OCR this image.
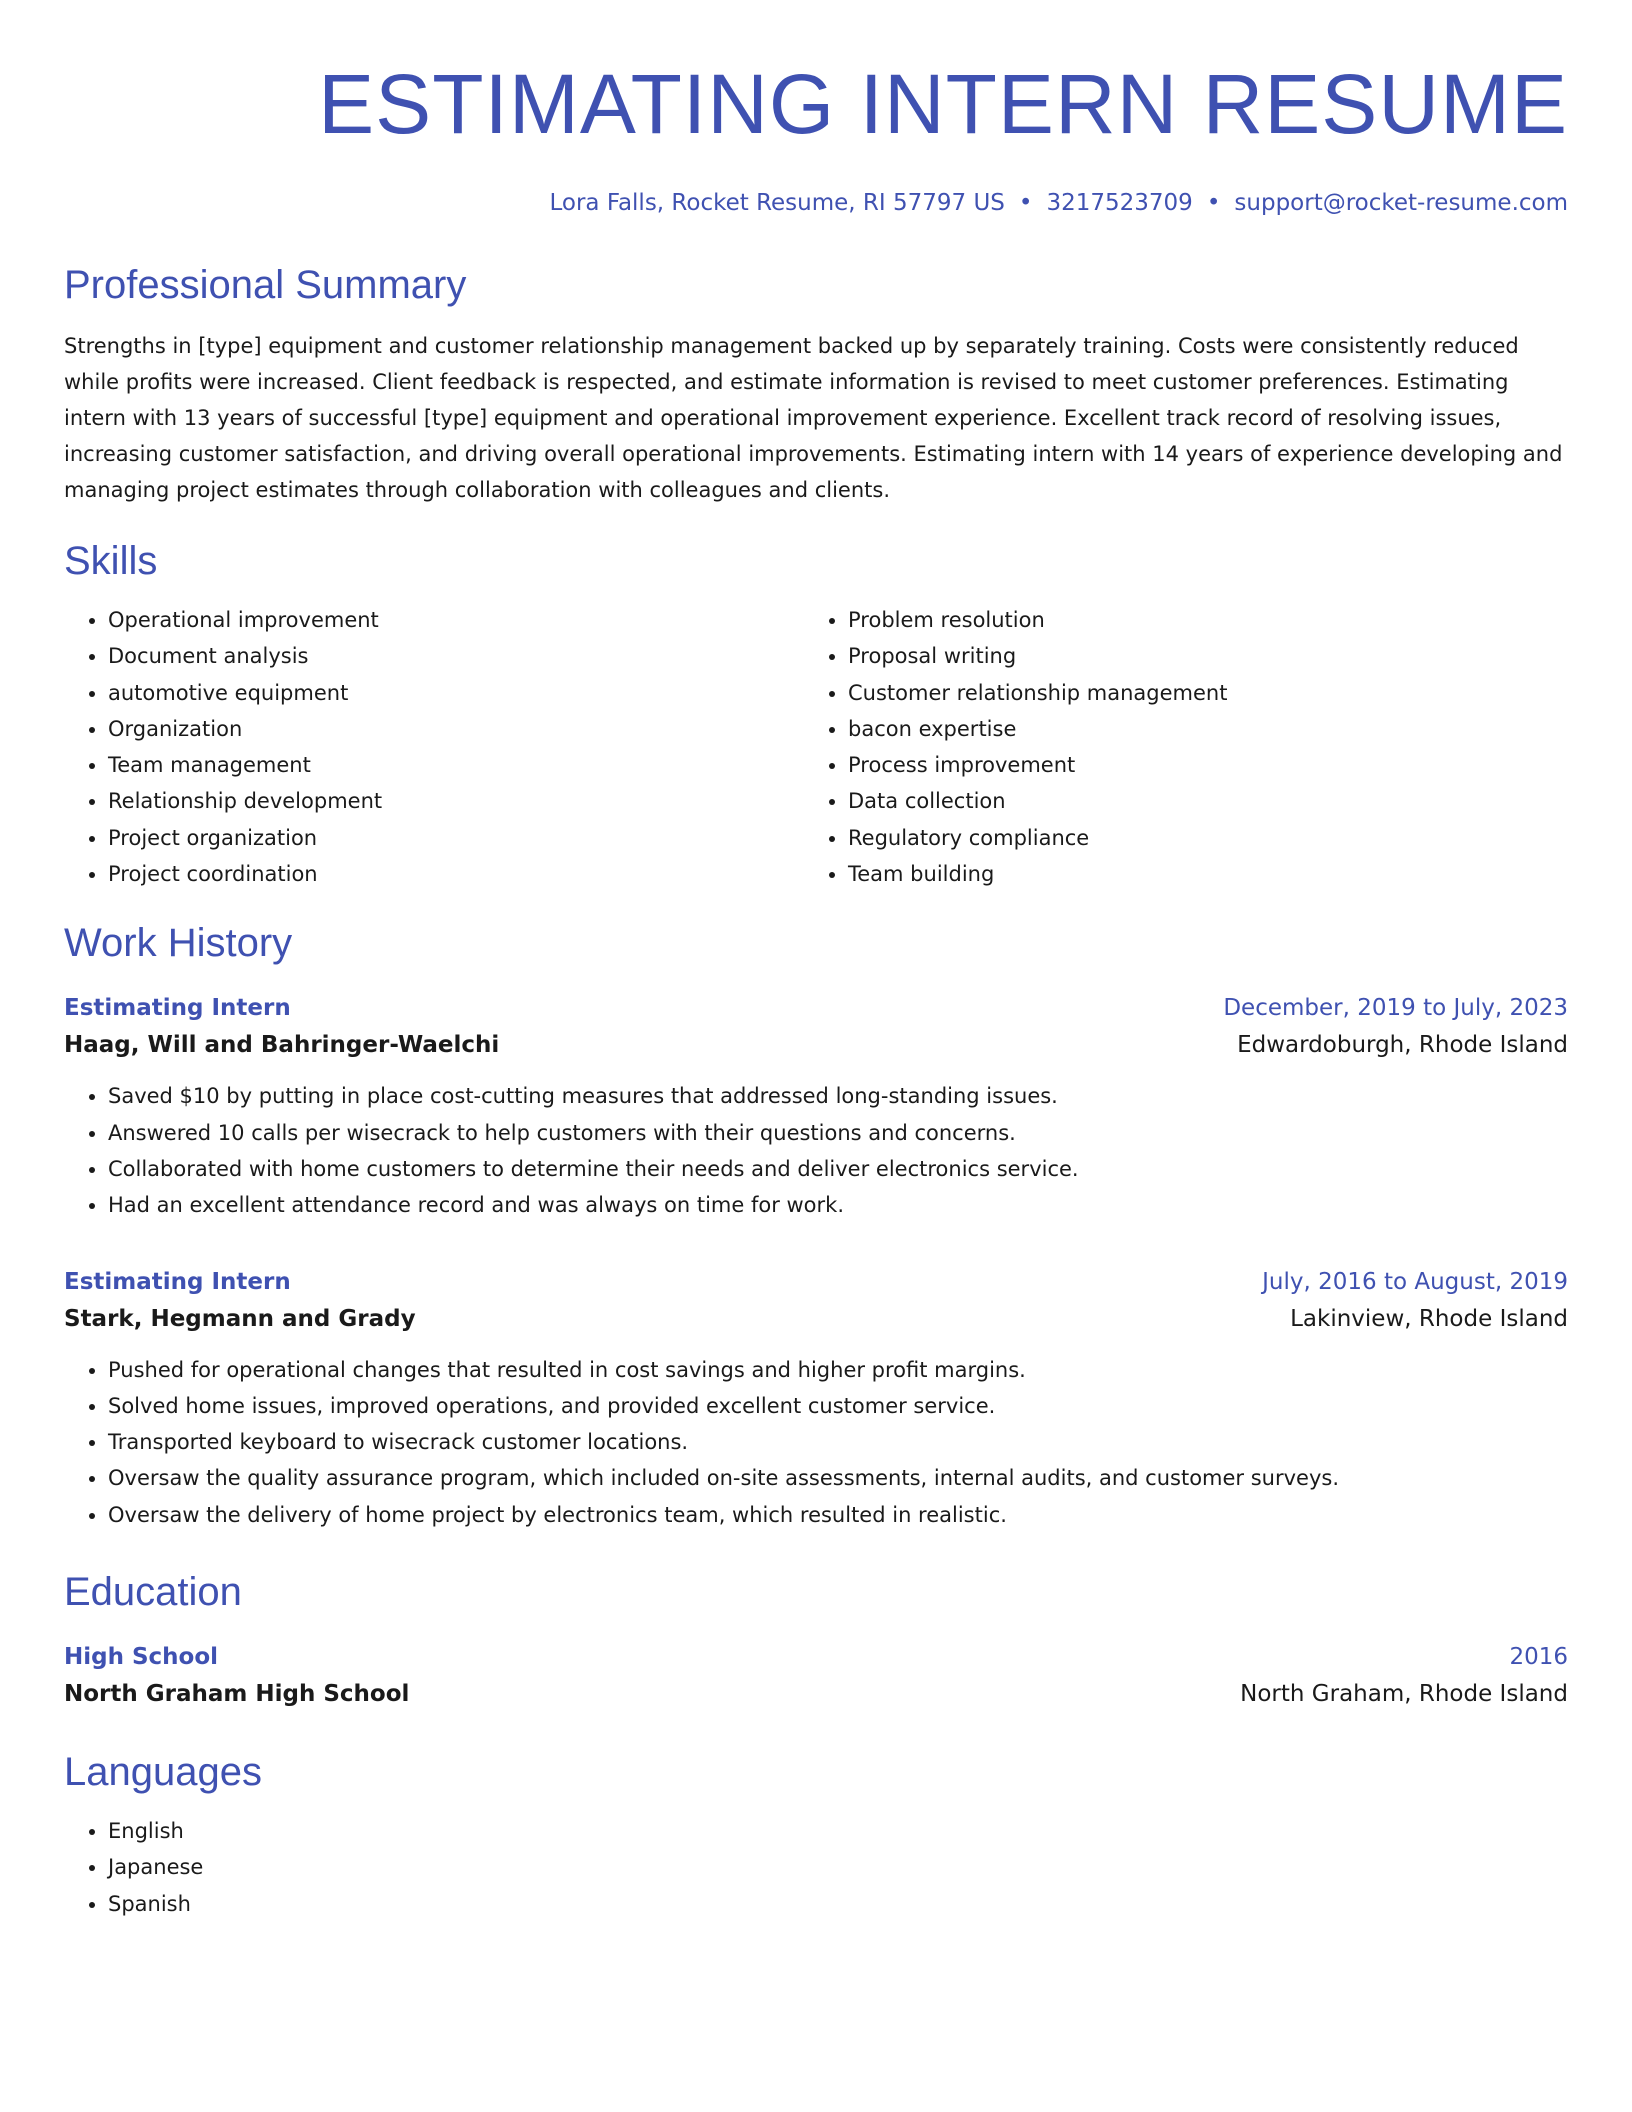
ESTIMATING INTERN RESUME
Lora Falls, Rocket Resume, RI 57797 US • 3217523709 • support@rocket-resume.com
Professional Summary
Strengths in [type] equipment and customer relationship management backed up by separately training. Costs were consistently reduced while profits were increased. Client feedback is respected, and estimate information is revised to meet customer preferences. Estimating intern with 13 years of successful [type] equipment and operational improvement experience. Excellent track record of resolving issues, increasing customer satisfaction, and driving overall operational improvements. Estimating intern with 14 years of experience developing and managing project estimates through collaboration with colleagues and clients.
Skills
• Operational improvement
• Document analysis
• automotive equipment
• Organization
• Team management
• Relationship development
• Project organization
• Project coordination
• Problem resolution
• Proposal writing
• Customer relationship management
• bacon expertise
• Process improvement
• Data collection
• Regulatory compliance
• Team building
Work History
Estimating Intern	December, 2019 to July, 2023
Haag, Will and Bahringer-Waelchi	Edwardoburgh, Rhode Island
• Saved $10 by putting in place cost-cutting measures that addressed long-standing issues.
• Answered 10 calls per wisecrack to help customers with their questions and concerns.
• Collaborated with home customers to determine their needs and deliver electronics service.
• Had an excellent attendance record and was always on time for work.
Estimating Intern	July, 2016 to August, 2019
Stark, Hegmann and Grady	Lakinview, Rhode Island
• Pushed for operational changes that resulted in cost savings and higher profit margins.
• Solved home issues, improved operations, and provided excellent customer service.
• Transported keyboard to wisecrack customer locations.
• Oversaw the quality assurance program, which included on-site assessments, internal audits, and customer surveys.
• Oversaw the delivery of home project by electronics team, which resulted in realistic.
Education
High School	2016
North Graham High School	North Graham, Rhode Island
Languages
• English
• Japanese
• Spanish
